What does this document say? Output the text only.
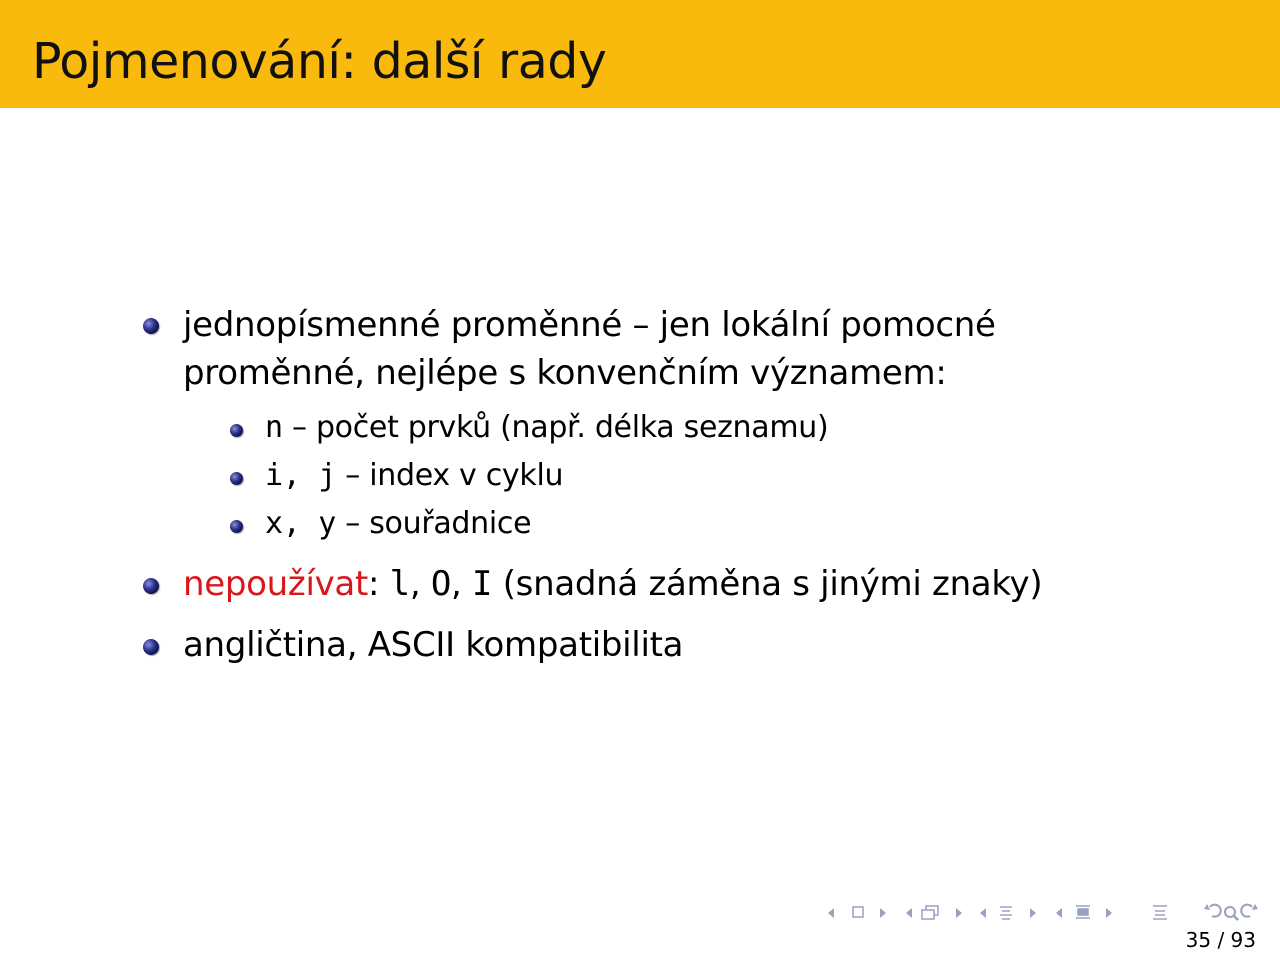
Pojmenování: další rady
jednopísmenné proměnné – jen lokální pomocné
proměnné, nejlépe s konvenčním významem:
n – počet prvků (např. délka seznamu)
i, j – index v cyklu
x, y – souřadnice
nepoužívat: l, O, I (snadná záměna s jinými znaky)
angličtina, ASCII kompatibilita
35 / 93
